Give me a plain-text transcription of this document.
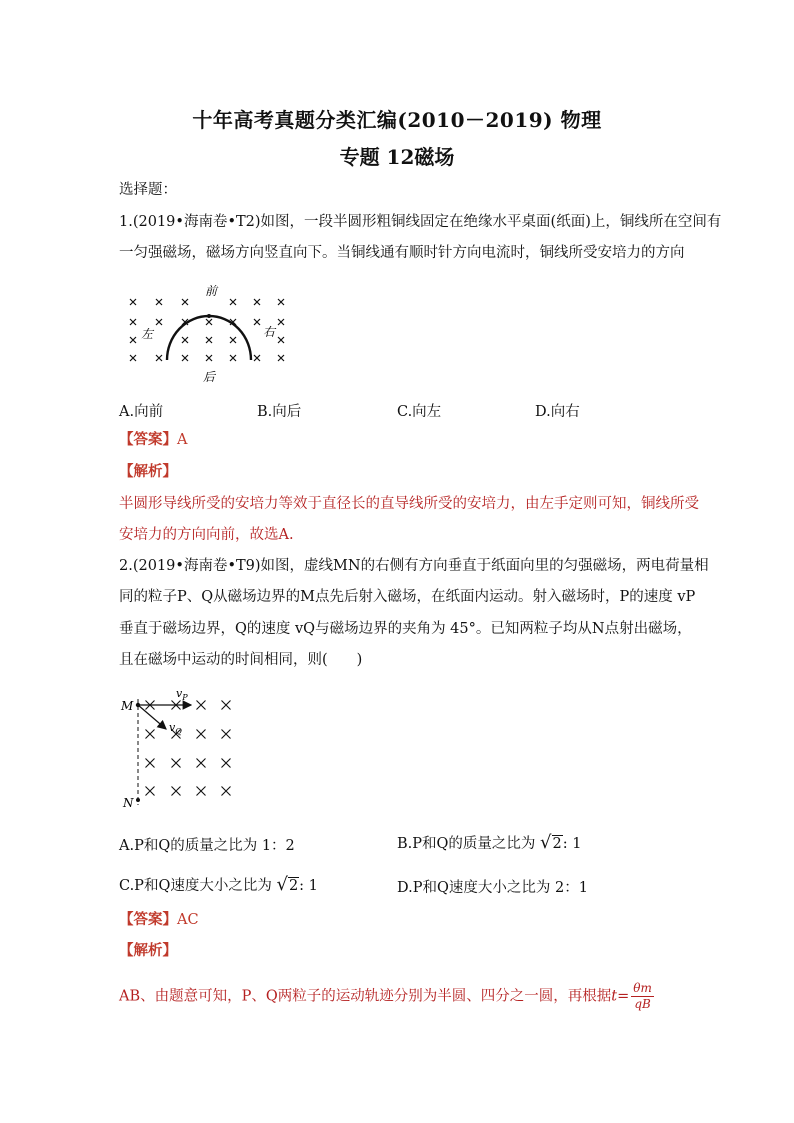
十年高考真题分类汇编(2010－2019) 物理
专题 12磁场
选择题：
1.(2019•海南卷•T2)如图，一段半圆形粗铜线固定在绝缘水平桌面(纸面)上，铜线所在空间有
一匀强磁场，磁场方向竖直向下。当铜线通有顺时针方向电流时，铜线所受安培力的方向
前
后
左	右
A.向前	B.向后	C.向左	D.向右
【答案】A
【解析】
半圆形导线所受的安培力等效于直径长的直导线所受的安培力，由左手定则可知，铜线所受
安培力的方向向前，故选A.
2.(2019•海南卷•T9)如图，虚线MN的右侧有方向垂直于纸面向里的匀强磁场，两电荷量相
同的粒子P、Q从磁场边界的M点先后射入磁场，在纸面内运动。射入磁场时，P的速度 vP
垂直于磁场边界，Q的速度 vQ与磁场边界的夹角为 45°。已知两粒子均从N点射出磁场，
且在磁场中运动的时间相同，则(　　)
M
N
$v_P$
$v_Q$
A.P和Q的质量之比为 1：2	B.P和Q的质量之比为 √2: 1
C.P和Q速度大小之比为 √2: 1	D.P和Q速度大小之比为 2：1
【答案】AC
【解析】
AB、由题意可知，P、Q两粒子的运动轨迹分别为半圆、四分之一圆，再根据$t= \frac{\theta m}{qB}$
